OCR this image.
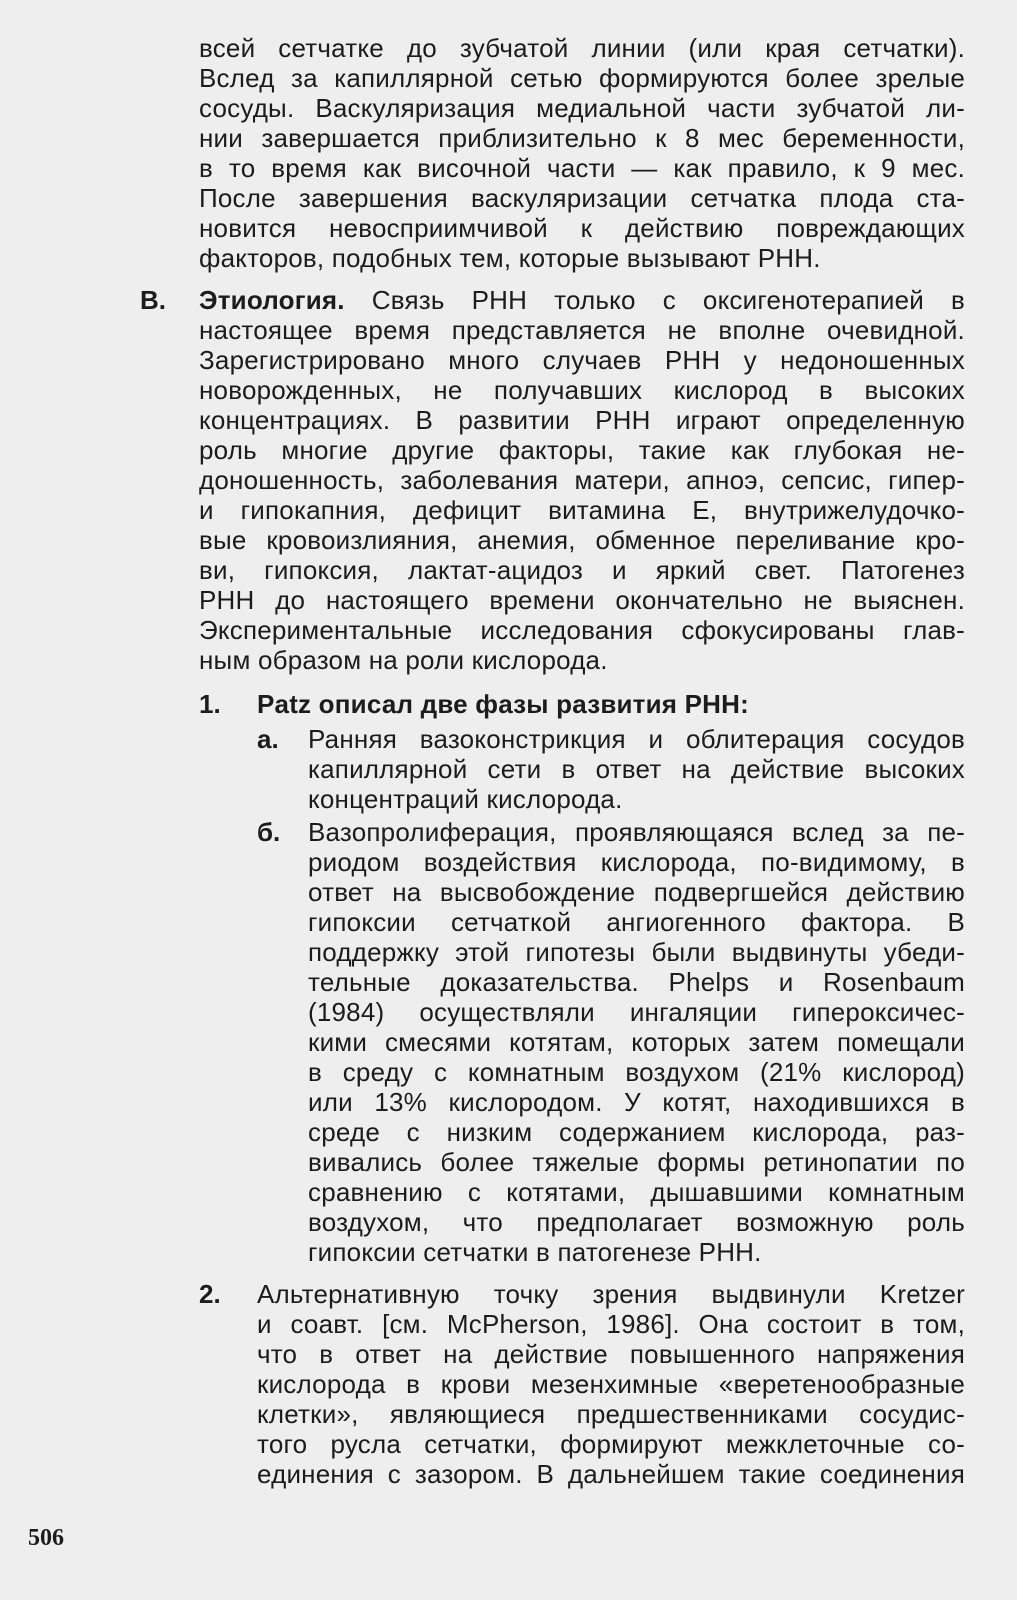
всей сетчатке до зубчатой линии (или края сетчатки).
Вслед за капиллярной сетью формируются более зрелые
сосуды. Васкуляризация медиальной части зубчатой ли-
нии завершается приблизительно к 8 мес беременности,
в то время как височной части — как правило, к 9 мес.
После завершения васкуляризации сетчатка плода ста-
новится невосприимчивой к действию повреждающих
факторов, подобных тем, которые вызывают РНН.
В. Этиология. Связь РНН только с оксигенотерапией в
настоящее время представляется не вполне очевидной.
Зарегистрировано много случаев РНН у недоношенных
новорожденных, не получавших кислород в высоких
концентрациях. В развитии РНН играют определенную
роль многие другие факторы, такие как глубокая не-
доношенность, заболевания матери, апноэ, сепсис, гипер-
и гипокапния, дефицит витамина Е, внутрижелудочко-
вые кровоизлияния, анемия, обменное переливание кро-
ви, гипоксия, лактат-ацидоз и яркий свет. Патогенез
РНН до настоящего времени окончательно не выяснен.
Экспериментальные исследования сфокусированы глав-
ным образом на роли кислорода.
1. Patz описал две фазы развития РНН:
а. Ранняя вазоконстрикция и облитерация сосудов
капиллярной сети в ответ на действие высоких
концентраций кислорода.
б. Вазопролиферация, проявляющаяся вслед за пе-
риодом воздействия кислорода, по-видимому, в
ответ на высвобождение подвергшейся действию
гипоксии сетчаткой ангиогенного фактора. В
поддержку этой гипотезы были выдвинуты убеди-
тельные доказательства. Phelps и Rosenbaum
(1984) осуществляли ингаляции гипероксичес-
кими смесями котятам, которых затем помещали
в среду с комнатным воздухом (21% кислород)
или 13% кислородом. У котят, находившихся в
среде с низким содержанием кислорода, раз-
вивались более тяжелые формы ретинопатии по
сравнению с котятами, дышавшими комнатным
воздухом, что предполагает возможную роль
гипоксии сетчатки в патогенезе РНН.
2. Альтернативную точку зрения выдвинули Kretzer
и соавт. [см. McPherson, 1986]. Она состоит в том,
что в ответ на действие повышенного напряжения
кислорода в крови мезенхимные «веретенообразные
клетки», являющиеся предшественниками сосудис-
того русла сетчатки, формируют межклеточные со-
единения с зазором. В дальнейшем такие соединения
506
